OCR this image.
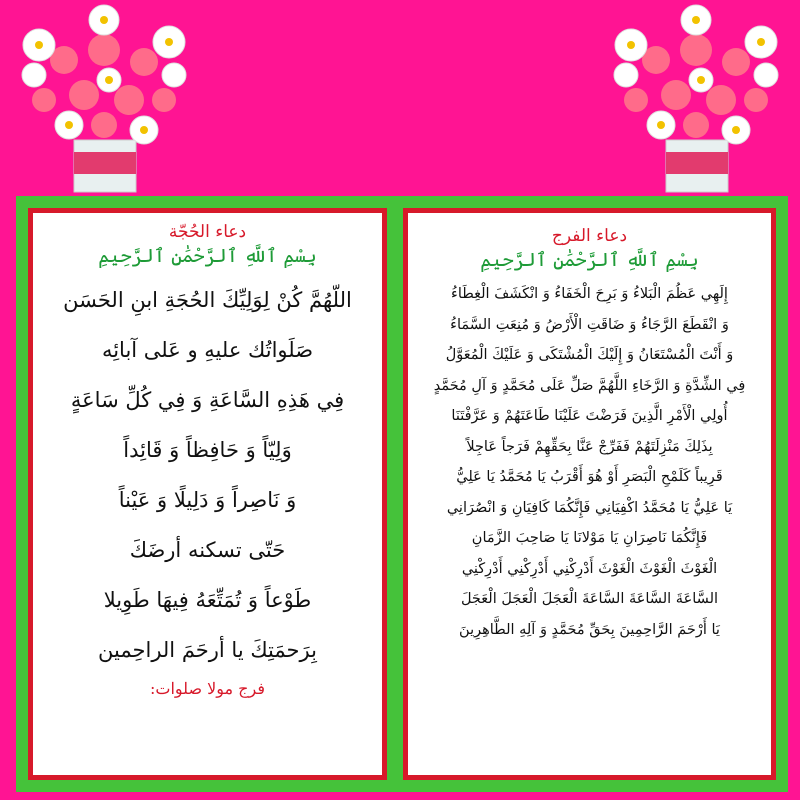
دعاء الحُجّة
بِسْمِ ٱللَّهِ ٱلرَّحْمَٰنِ ٱلرَّحِيمِ
اللّهُمَّ كُنْ لِوَلِيِّكَ الحُجَةِ ابنِ الحَسَن
صَلَواتُك عليهِ و عَلى آبائِه
فِي هَذِهِ السَّاعَةِ وَ فِي كُلِّ سَاعَةٍ
وَلِيّاً وَ حَافِظاً وَ قَائِداً
وَ نَاصِراً وَ دَلِيلًا وَ عَيْناً
حَتّى تسكنه أرضَكَ
طَوْعاً وَ تُمَتِّعَهُ فِيهَا طَوِيلا
بِرَحمَتِكَ يا أرحَمَ الراحِمين
فرج مولا صلوات:
دعاء الفرج
بِسْمِ ٱللَّهِ ٱلرَّحْمَٰنِ ٱلرَّحِيمِ
إِلَهِي عَظُمَ الْبَلاءُ وَ بَرِحَ الْخَفَاءُ وَ انْكَشَفَ الْغِطَاءُ
وَ انْقَطَعَ الرَّجَاءُ وَ ضَاقَتِ الْأَرْضُ وَ مُنِعَتِ السَّمَاءُ
وَ أَنْتَ الْمُسْتَعَانُ وَ إِلَيْكَ الْمُشْتَكَى وَ عَلَيْكَ الْمُعَوَّلُ
فِي الشِّدَّةِ وَ الرَّخَاءِ اللَّهُمَّ صَلِّ عَلَى مُحَمَّدٍ وَ آلِ مُحَمَّدٍ
أُولِي الْأَمْرِ الَّذِينَ فَرَضْتَ عَلَيْنَا طَاعَتَهُمْ وَ عَرَّفْتَنَا
بِذَلِكَ مَنْزِلَتَهُمْ فَفَرِّجْ عَنَّا بِحَقِّهِمْ فَرَجاً عَاجِلاً
قَرِيباً كَلَمْحِ الْبَصَرِ أَوْ هُوَ أَقْرَبُ يَا مُحَمَّدُ يَا عَلِيُّ
يَا عَلِيُّ يَا مُحَمَّدُ اكْفِيَانِي فَإِنَّكُمَا كَافِيَانِ وَ انْصُرَانِي
فَإِنَّكُمَا نَاصِرَانِ يَا مَوْلانَا يَا صَاحِبَ الزَّمَانِ
الْغَوْثَ الْغَوْثَ الْغَوْثَ أَدْرِكْنِي أَدْرِكْنِي أَدْرِكْنِي
السَّاعَةَ السَّاعَةَ السَّاعَةَ الْعَجَلَ الْعَجَلَ الْعَجَلَ
يَا أَرْحَمَ الرَّاحِمِينَ بِحَقِّ مُحَمَّدٍ وَ آلِهِ الطَّاهِرِينَ
